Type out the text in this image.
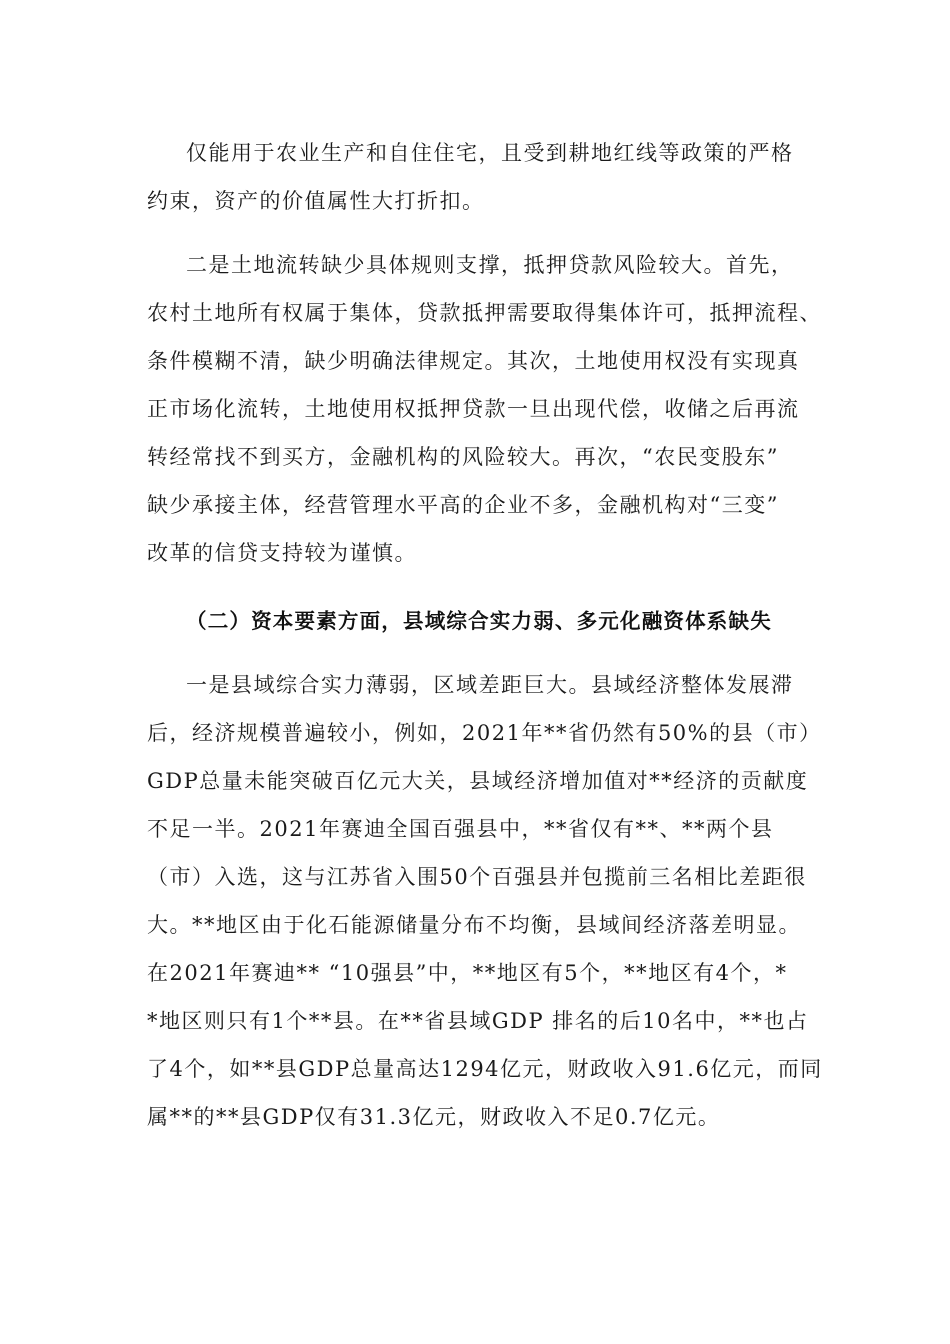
仅能用于农业生产和自住住宅，且受到耕地红线等政策的严格

约束，资产的价值属性大打折扣。

二是土地流转缺少具体规则支撑，抵押贷款风险较大。首先，

农村土地所有权属于集体，贷款抵押需要取得集体许可，抵押流程、

条件模糊不清，缺少明确法律规定。其次，土地使用权没有实现真

正市场化流转，土地使用权抵押贷款一旦出现代偿，收储之后再流

转经常找不到买方，金融机构的风险较大。再次，“农民变股东”

缺少承接主体，经营管理水平高的企业不多，金融机构对“三变”

改革的信贷支持较为谨慎。

（二）资本要素方面，县域综合实力弱、多元化融资体系缺失

一是县域综合实力薄弱，区域差距巨大。县域经济整体发展滞

后，经济规模普遍较小，例如，2021年**省仍然有50%的县（市）

GDP总量未能突破百亿元大关，县域经济增加值对**经济的贡献度

不足一半。2021年赛迪全国百强县中，**省仅有**、**两个县

（市）入选，这与江苏省入围50个百强县并包揽前三名相比差距很

大。**地区由于化石能源储量分布不均衡，县域间经济落差明显。

在2021年赛迪** “10强县”中，**地区有5个，**地区有4个，*

*地区则只有1个**县。在**省县域GDP 排名的后10名中，**也占

了4个，如**县GDP总量高达1294亿元，财政收入91.6亿元，而同

属**的**县GDP仅有31.3亿元，财政收入不足0.7亿元。
